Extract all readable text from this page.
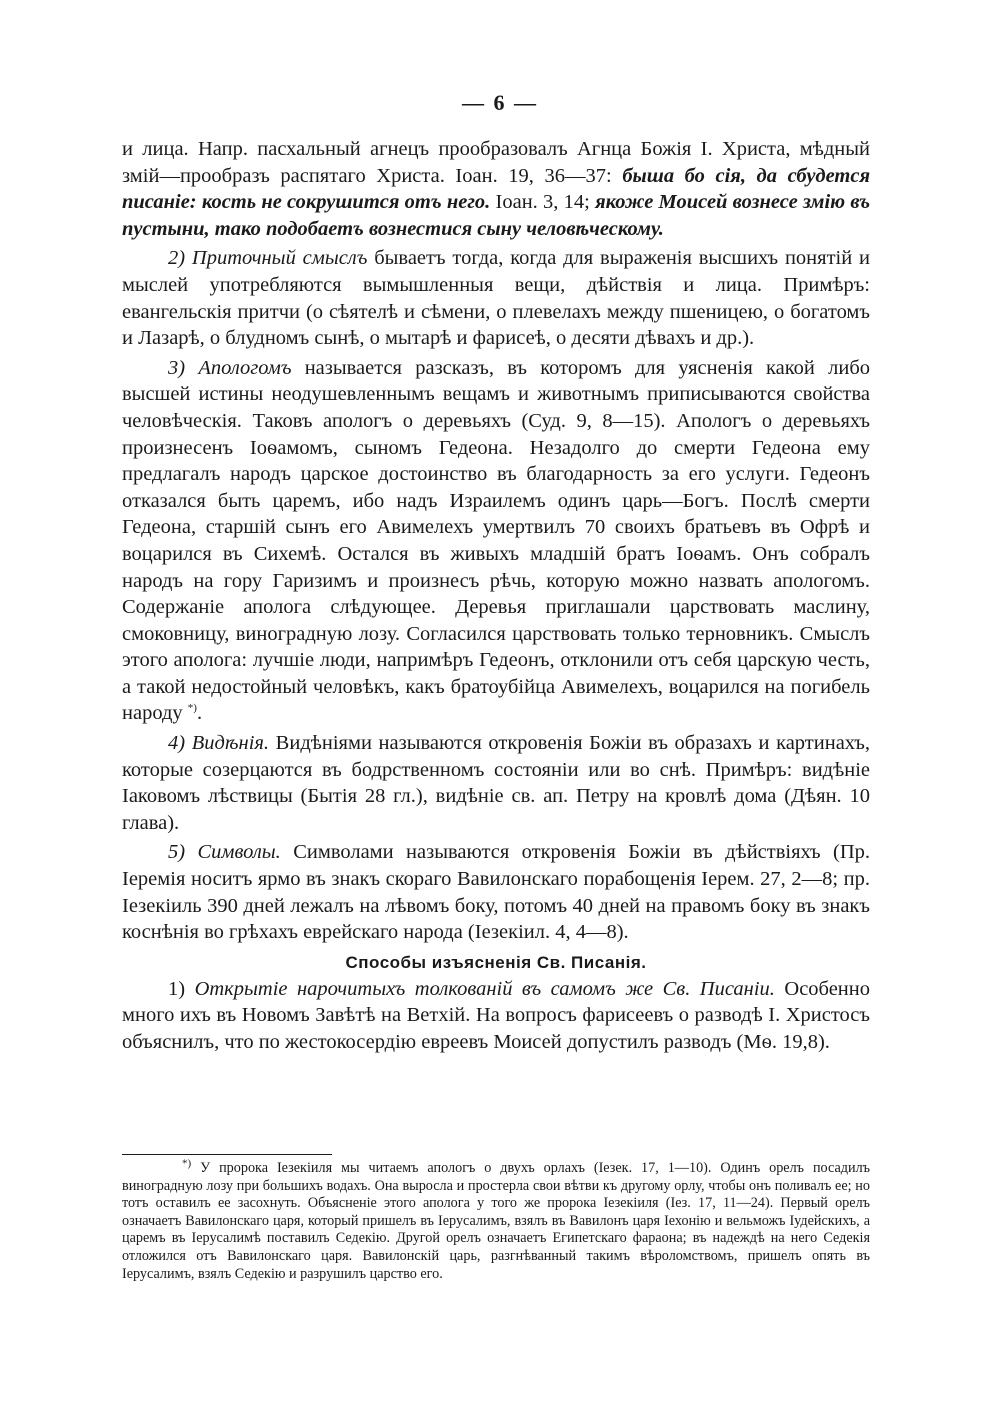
— 6 —

и лица. Напр. пасхальный агнецъ прообразовалъ Агнца Божія І. Христа, мѣдный змій—прообразъ распятаго Христа. Іоан. 19, 36—37: быша бо сія, да сбудется писаніе: кость не сокрушится отъ него. Іоан. 3, 14; якоже Моисей вознесе змію въ пустыни, тако подобаетъ вознестися сыну человѣческому.

2) Приточный смыслъ бываетъ тогда, когда для выраженія высшихъ понятій и мыслей употребляются вымышленныя вещи, дѣйствія и лица. Примѣръ: евангельскія притчи (о сѣятелѣ и сѣмени, о плевелахъ между пшеницею, о богатомъ и Лазарѣ, о блудномъ сынѣ, о мытарѣ и фарисеѣ, о десяти дѣвахъ и др.).

3) Апологомъ называется разсказъ, въ которомъ для уясненія какой либо высшей истины неодушевленнымъ вещамъ и животнымъ приписываются свойства человѣческія. Таковъ апологъ о деревьяхъ (Суд. 9, 8—15). Апологъ о деревьяхъ произнесенъ Іоѳамомъ, сыномъ Гедеона. Незадолго до смерти Гедеона ему предлагалъ народъ царское достоинство въ благодарность за его услуги. Гедеонъ отказался быть царемъ, ибо надъ Израилемъ одинъ царь—Богъ. Послѣ смерти Гедеона, старшій сынъ его Авимелехъ умертвилъ 70 своихъ братьевъ въ Офрѣ и воцарился въ Сихемѣ. Остался въ живыхъ младшій братъ Іоѳамъ. Онъ собралъ народъ на гору Гаризимъ и произнесъ рѣчь, которую можно назвать апологомъ. Содержаніе аполога слѣдующее. Деревья приглашали царствовать маслину, смоковницу, виноградную лозу. Согласился царствовать только терновникъ. Смыслъ этого аполога: лучшіе люди, напримѣръ Гедеонъ, отклонили отъ себя царскую честь, а такой недостойный человѣкъ, какъ братоубійца Авимелехъ, воцарился на погибель народу *).

4) Видѣнія. Видѣніями называются откровенія Божіи въ образахъ и картинахъ, которые созерцаются въ бодрственномъ состояніи или во снѣ. Примѣръ: видѣніе Іаковомъ лѣствицы (Бытія 28 гл.), видѣніе св. ап. Петру на кровлѣ дома (Дѣян. 10 глава).

5) Символы. Символами называются откровенія Божіи въ дѣйствіяхъ (Пр. Іеремія носитъ ярмо въ знакъ скораго Вавилонскаго порабощенія Іерем. 27, 2—8; пр. Іезекіиль 390 дней лежалъ на лѣвомъ боку, потомъ 40 дней на правомъ боку въ знакъ коснѣнія во грѣхахъ еврейскаго народа (Іезекіил. 4, 4—8).

Способы изъясненія Св. Писанія.

1) Открытіе нарочитыхъ толкованій въ самомъ же Св. Писаніи. Особенно много ихъ въ Новомъ Завѣтѣ на Ветхій. На вопросъ фарисеевъ о разводѣ І. Христосъ объяснилъ, что по жестокосердію евреевъ Моисей допустилъ разводъ (Мѳ. 19,8).

*) У пророка Іезекіиля мы читаемъ апологъ о двухъ орлахъ (Іезек. 17, 1—10). Одинъ орелъ посадилъ виноградную лозу при большихъ водахъ. Она выросла и простерла свои вѣтви къ другому орлу, чтобы онъ поливалъ ее; но тотъ оставилъ ее засохнуть. Объясненіе этого аполога у того же пророка Іезекіиля (Іез. 17, 11—24). Первый орелъ означаетъ Вавилонскаго царя, который пришелъ въ Іерусалимъ, взялъ въ Вавилонъ царя Іехонію и вельможъ Іудейскихъ, а царемъ въ Іерусалимѣ поставилъ Седекію. Другой орелъ означаетъ Египетскаго фараона; въ надеждѣ на него Седекія отложился отъ Вавилонскаго царя. Вавилонскій царь, разгнѣванный такимъ вѣроломствомъ, пришелъ опять въ Іерусалимъ, взялъ Седекію и разрушилъ царство его.
